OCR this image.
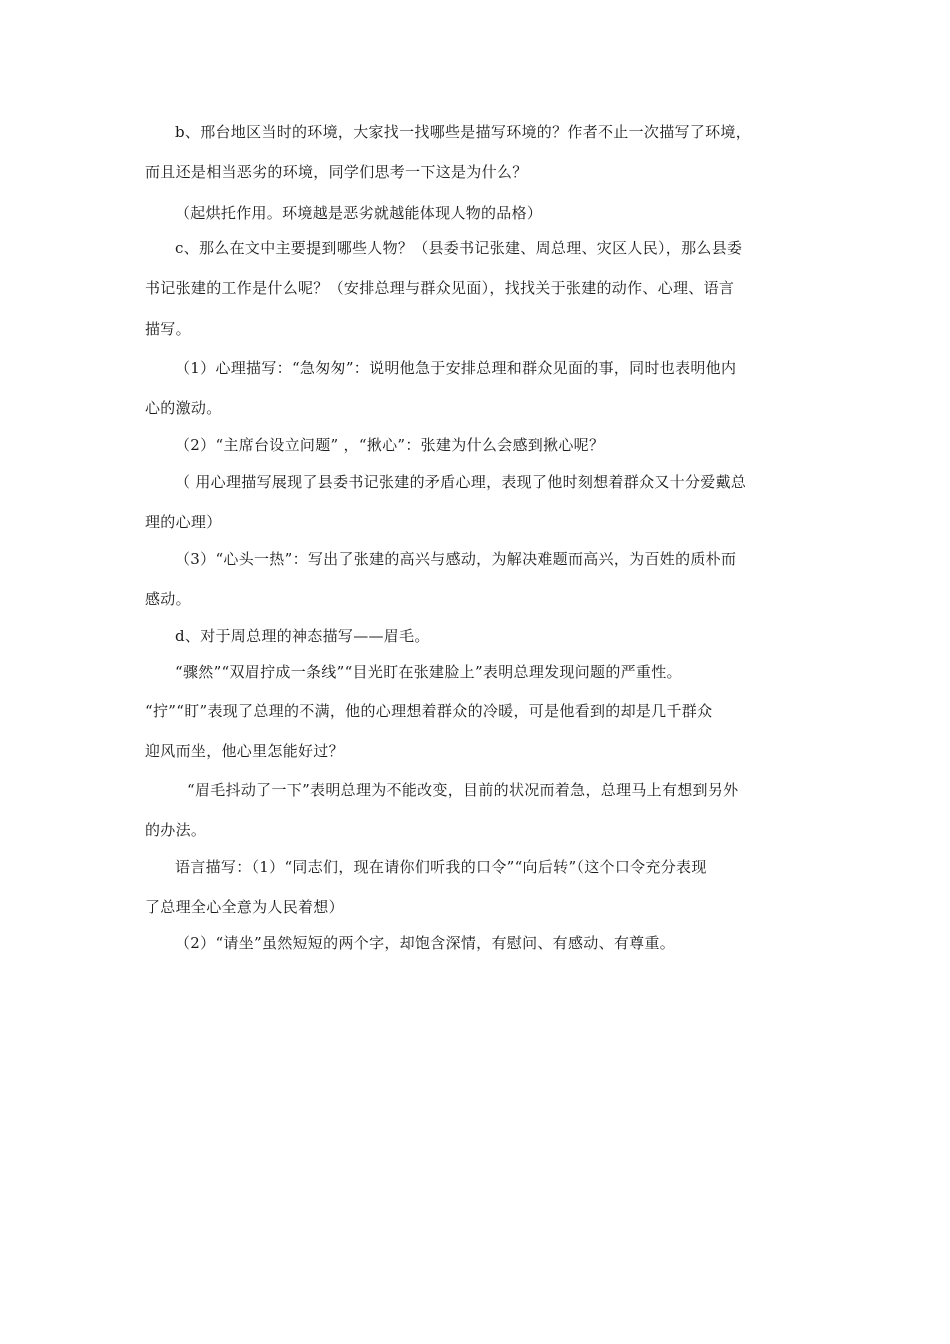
b、邢台地区当时的环境，大家找一找哪些是描写环境的？作者不止一次描写了环境，
而且还是相当恶劣的环境，同学们思考一下这是为什么？
（起烘托作用。环境越是恶劣就越能体现人物的品格）
c、那么在文中主要提到哪些人物？（县委书记张建、周总理、灾区人民），那么县委
书记张建的工作是什么呢？（安排总理与群众见面），找找关于张建的动作、心理、语言
描写。
（1）心理描写：“急匆匆”：说明他急于安排总理和群众见面的事，同时也表明他内
心的激动。
（2）“主席台设立问题” ，“揪心”：张建为什么会感到揪心呢？
（ 用心理描写展现了县委书记张建的矛盾心理，表现了他时刻想着群众又十分爱戴总
理的心理）
（3）“心头一热”：写出了张建的高兴与感动，为解决难题而高兴，为百姓的质朴而
感动。
d、对于周总理的神态描写——眉毛。
“骤然”“双眉拧成一条线”“目光盯在张建脸上”表明总理发现问题的严重性。
“拧”“盯”表现了总理的不满，他的心理想着群众的冷暖，可是他看到的却是几千群众
迎风而坐，他心里怎能好过？
“眉毛抖动了一下”表明总理为不能改变，目前的状况而着急，总理马上有想到另外
的办法。
语言描写：（1）“同志们，现在请你们听我的口令”“向后转”（这个口令充分表现
了总理全心全意为人民着想）
（2）“请坐”虽然短短的两个字，却饱含深情，有慰问、有感动、有尊重。
